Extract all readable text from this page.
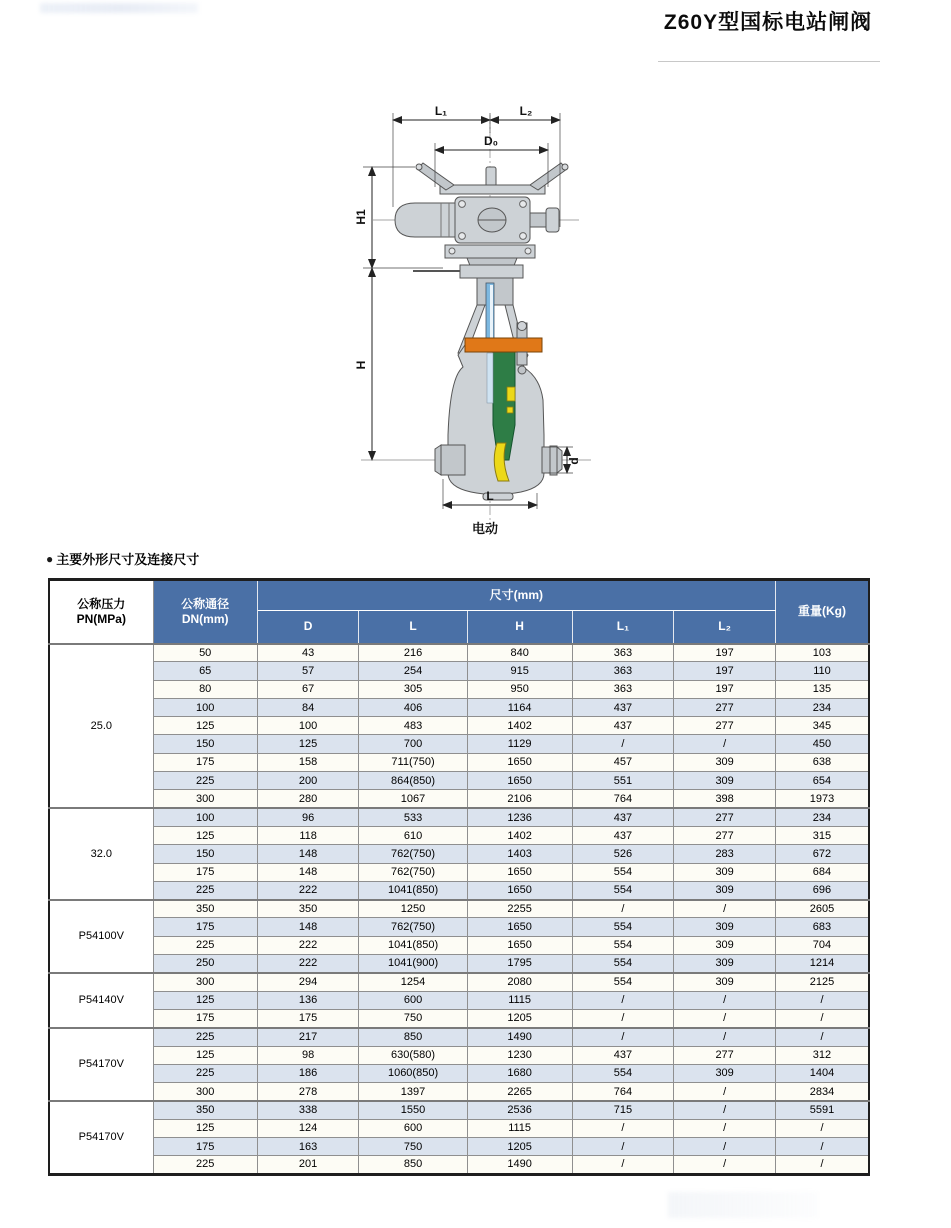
Z60Y型国标电站闸阀
L₁	L₂
D₀
H1
H
d
L
电动
● 主要外形尺寸及连接尺寸
公称压力
PN(MPa)	公称通径
DN(mm)	尺寸(mm)					重量(Kg)
		D	L	H	L₁	L₂	
25.0	50	43	216	840	363	197	103
	65	57	254	915	363	197	110
	80	67	305	950	363	197	135
	100	84	406	1164	437	277	234
	125	100	483	1402	437	277	345
	150	125	700	1129	/	/	450
	175	158	711(750)	1650	457	309	638
	225	200	864(850)	1650	551	309	654
	300	280	1067	2106	764	398	1973
32.0	100	96	533	1236	437	277	234
	125	118	610	1402	437	277	315
	150	148	762(750)	1403	526	283	672
	175	148	762(750)	1650	554	309	684
	225	222	1041(850)	1650	554	309	696
P54100V	350	350	1250	2255	/	/	2605
	175	148	762(750)	1650	554	309	683
	225	222	1041(850)	1650	554	309	704
	250	222	1041(900)	1795	554	309	1214
P54140V	300	294	1254	2080	554	309	2125
	125	136	600	1115	/	/	/
	175	175	750	1205	/	/	/
P54170V	225	217	850	1490	/	/	/
	125	98	630(580)	1230	437	277	312
	225	186	1060(850)	1680	554	309	1404
	300	278	1397	2265	764	/	2834
P54170V	350	338	1550	2536	715	/	5591
	125	124	600	1115	/	/	/
	175	163	750	1205	/	/	/
	225	201	850	1490	/	/	/
